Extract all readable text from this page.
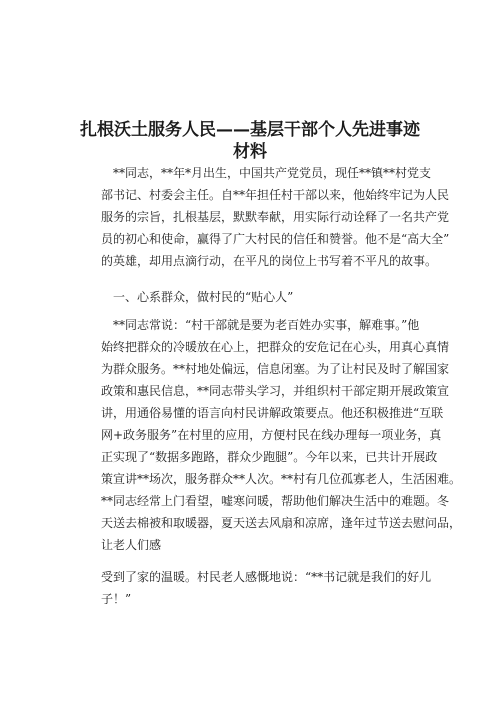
扎根沃土服务人民——基层干部个人先进事迹
材料
**同志，**年*月出生，中国共产党党员，现任**镇**村党支
部书记、村委会主任。自**年担任村干部以来，他始终牢记为人民
服务的宗旨，扎根基层，默默奉献，用实际行动诠释了一名共产党
员的初心和使命，赢得了广大村民的信任和赞誉。他不是“高大全”
的英雄，却用点滴行动，在平凡的岗位上书写着不平凡的故事。
一、心系群众，做村民的“贴心人”
**同志常说：“村干部就是要为老百姓办实事，解难事。”他
始终把群众的冷暖放在心上，把群众的安危记在心头，用真心真情
为群众服务。**村地处偏远，信息闭塞。为了让村民及时了解国家
政策和惠民信息，**同志带头学习，并组织村干部定期开展政策宣
讲，用通俗易懂的语言向村民讲解政策要点。他还积极推进“互联
网+政务服务”在村里的应用，方便村民在线办理每一项业务，真
正实现了“数据多跑路，群众少跑腿”。今年以来，已共计开展政
策宣讲**场次，服务群众**人次。**村有几位孤寡老人，生活困难。
**同志经常上门看望，嘘寒问暖，帮助他们解决生活中的难题。冬
天送去棉被和取暖器，夏天送去风扇和凉席，逢年过节送去慰问品，
让老人们感
受到了家的温暖。村民老人感慨地说：“**书记就是我们的好儿
子！”
